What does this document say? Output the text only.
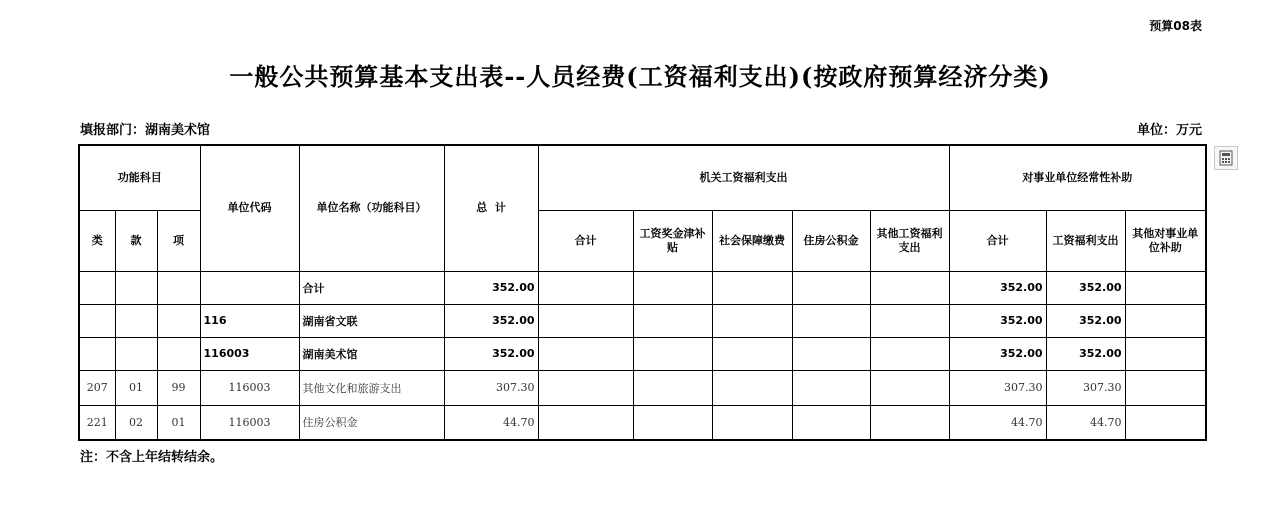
预算08表
一般公共预算基本支出表--人员经费(工资福利支出)(按政府预算经济分类)
填报部门：湖南美术馆	单位：万元
功能科目			单位代码	单位名称（功能科目）	总  计	机关工资福利支出					对事业单位经常性补助		
类	款	项				合计	工资奖金津补贴	社会保障缴费	住房公积金	其他工资福利支出	合计	工资福利支出	其他对事业单位补助
				合计	352.00						352.00	352.00	
			116	湖南省文联	352.00						352.00	352.00	
			116003	湖南美术馆	352.00						352.00	352.00	
207	01	99	116003	其他文化和旅游支出	307.30						307.30	307.30	
221	02	01	116003	住房公积金	44.70						44.70	44.70	
注：不含上年结转结余。
